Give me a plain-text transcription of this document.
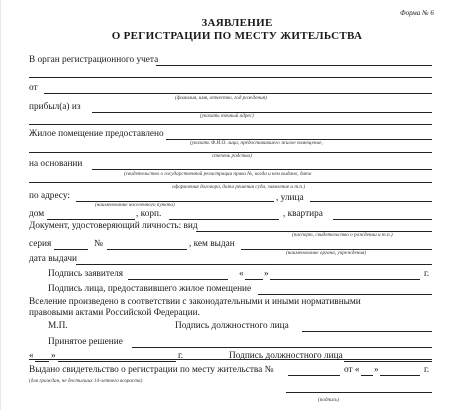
Форма № 6
ЗАЯВЛЕНИЕ
О РЕГИСТРАЦИИ ПО МЕСТУ ЖИТЕЛЬСТВА
В орган регистрационного учета
от
(фамилия, имя, отчество, год рождения)
прибыл(а) из
(указать точный адрес)
Жилое помещение предоставлено
(указать Ф.И.О. лица, предоставившего жилое помещение,
степень родства)
на основании
(свидетельство о государственной регистрации права №, когда и кем выдано, дата
оформления договора, дата решения суда, заявление и т.п.)
по адресу:	, улица
(наименование населенного пункта)
дом	, корп.	, квартира
Документ, удостоверяющий личность: вид
(паспорт, свидетельство о рождении и т.п.)
серия	№	, кем выдан
(наименование органа, учреждения)
дата выдачи
Подпись заявителя	« »	г.
Подпись лица, предоставившего жилое помещение
Вселение произведено в соответствии с законодательными и иными нормативными
правовыми актами Российской Федерации.
М.П.	Подпись должностного лица
Принятое решение
« »	г.	Подпись должностного лица
Выдано свидетельство о регистрации по месту жительства №	от « »	г.
(для граждан, не достигших 14-летнего возраста)
(подпись)
